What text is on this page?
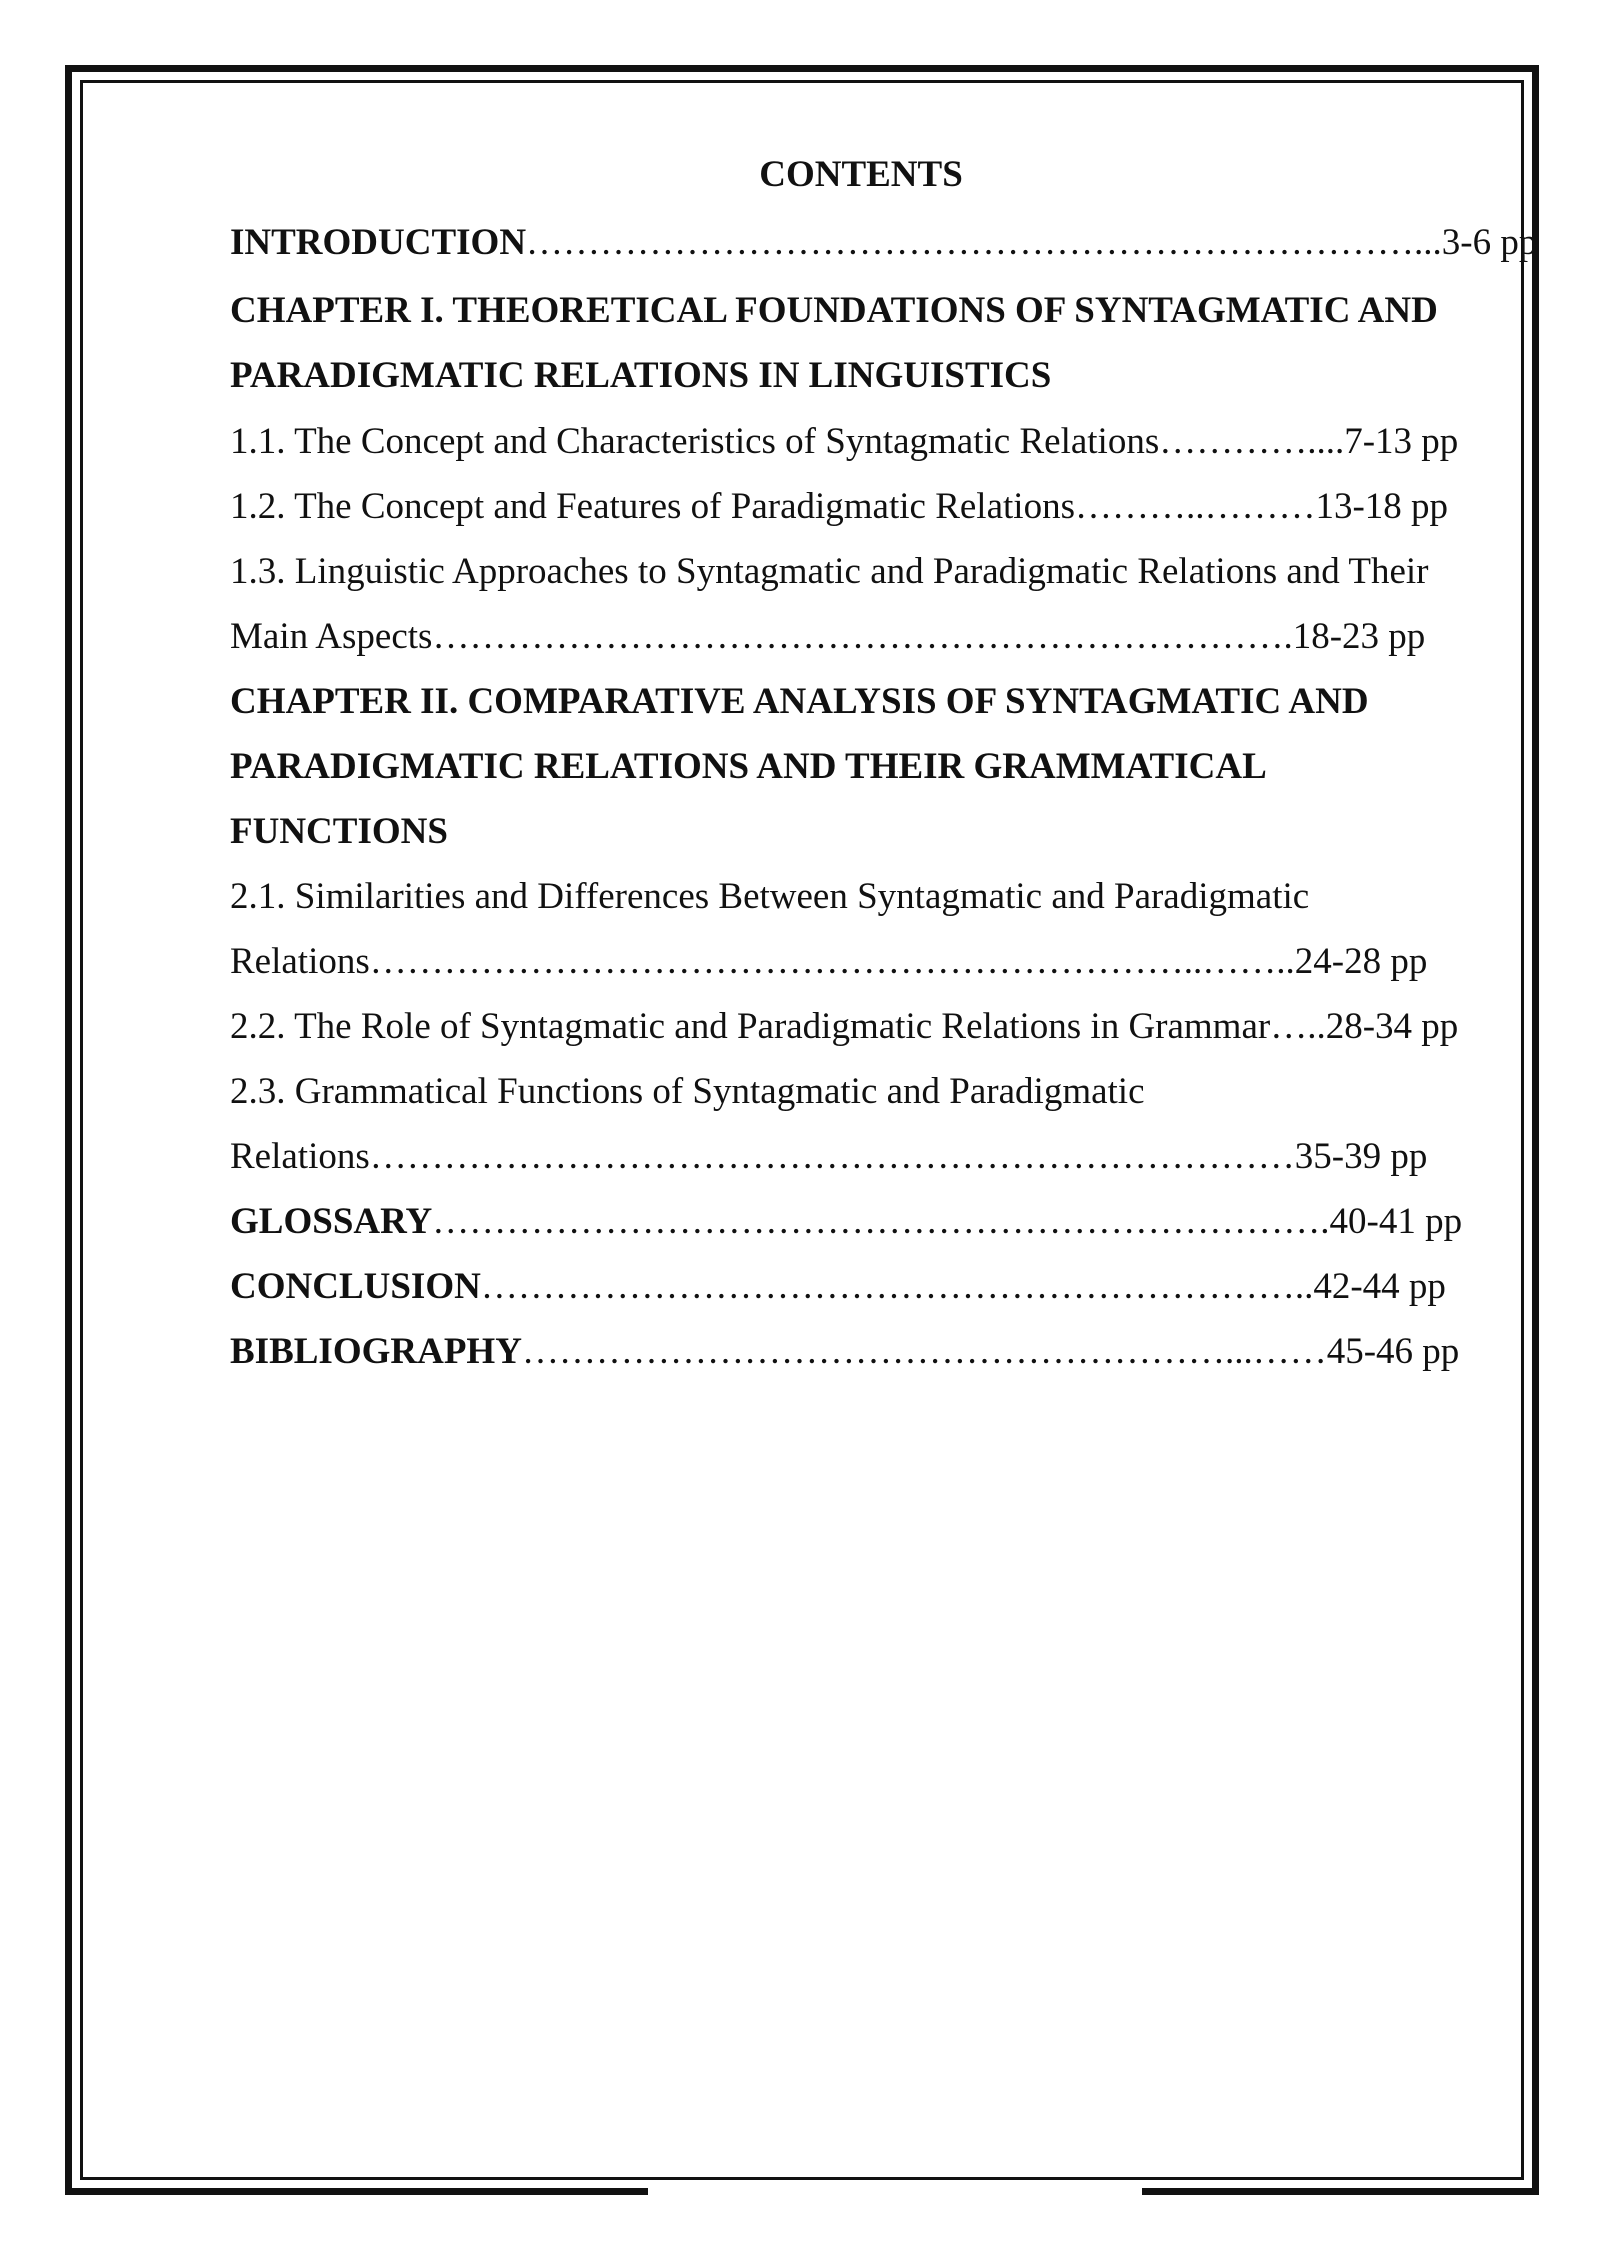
CONTENTS
INTRODUCTION ………………………………………………………………... 3-6 pp
CHAPTER I. THEORETICAL FOUNDATIONS OF SYNTAGMATIC AND
PARADIGMATIC RELATIONS IN LINGUISTICS
1.1. The Concept and Characteristics of Syntagmatic Relations ………….... 7-13 pp
1.2. The Concept and Features of Paradigmatic Relations ………..……… 13-18 pp
1.3. Linguistic Approaches to Syntagmatic and Paradigmatic Relations and Their
Main Aspects ……………………………………………………………. 18-23 pp
CHAPTER II. COMPARATIVE ANALYSIS OF SYNTAGMATIC AND
PARADIGMATIC RELATIONS AND THEIR GRAMMATICAL
FUNCTIONS
2.1. Similarities and Differences Between Syntagmatic and Paradigmatic
Relations …………………………………………………………..…….. 24-28 pp
2.2. The Role of Syntagmatic and Paradigmatic Relations in Grammar ….. 28-34 pp
2.3. Grammatical Functions of Syntagmatic and Paradigmatic
Relations ………………………………………………………………… 35-39 pp
GLOSSARY ………………………………………………………………. 40-41 pp
CONCLUSION ………………………………………………………….. 42-44 pp
BIBLIOGRAPHY …………………………………………………...…… 45-46 pp
